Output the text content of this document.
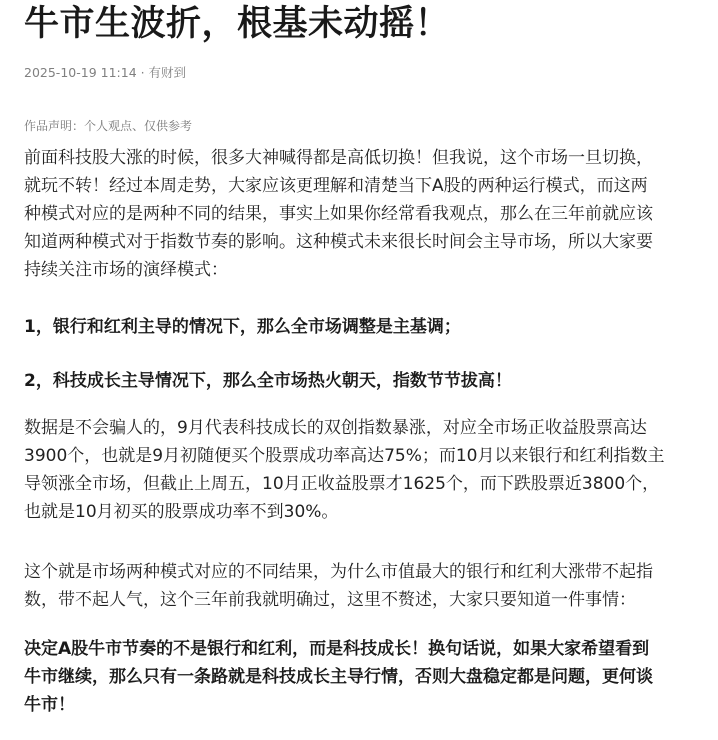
牛市生波折，根基未动摇！
2025-10-19 11:14 · 有财到
作品声明：个人观点、仅供参考
前面科技股大涨的时候，很多大神喊得都是高低切换！但我说，这个市场一旦切换，
就玩不转！经过本周走势，大家应该更理解和清楚当下A股的两种运行模式，而这两
种模式对应的是两种不同的结果，事实上如果你经常看我观点，那么在三年前就应该
知道两种模式对于指数节奏的影响。这种模式未来很长时间会主导市场，所以大家要
持续关注市场的演绎模式：
1，银行和红利主导的情况下，那么全市场调整是主基调；
2，科技成长主导情况下，那么全市场热火朝天，指数节节拔高！
数据是不会骗人的，9月代表科技成长的双创指数暴涨，对应全市场正收益股票高达
3900个，也就是9月初随便买个股票成功率高达75%；而10月以来银行和红利指数主
导领涨全市场，但截止上周五，10月正收益股票才1625个，而下跌股票近3800个，
也就是10月初买的股票成功率不到30%。
这个就是市场两种模式对应的不同结果，为什么市值最大的银行和红利大涨带不起指
数，带不起人气，这个三年前我就明确过，这里不赘述，大家只要知道一件事情：
决定A股牛市节奏的不是银行和红利，而是科技成长！换句话说，如果大家希望看到
牛市继续，那么只有一条路就是科技成长主导行情，否则大盘稳定都是问题，更何谈
牛市！
